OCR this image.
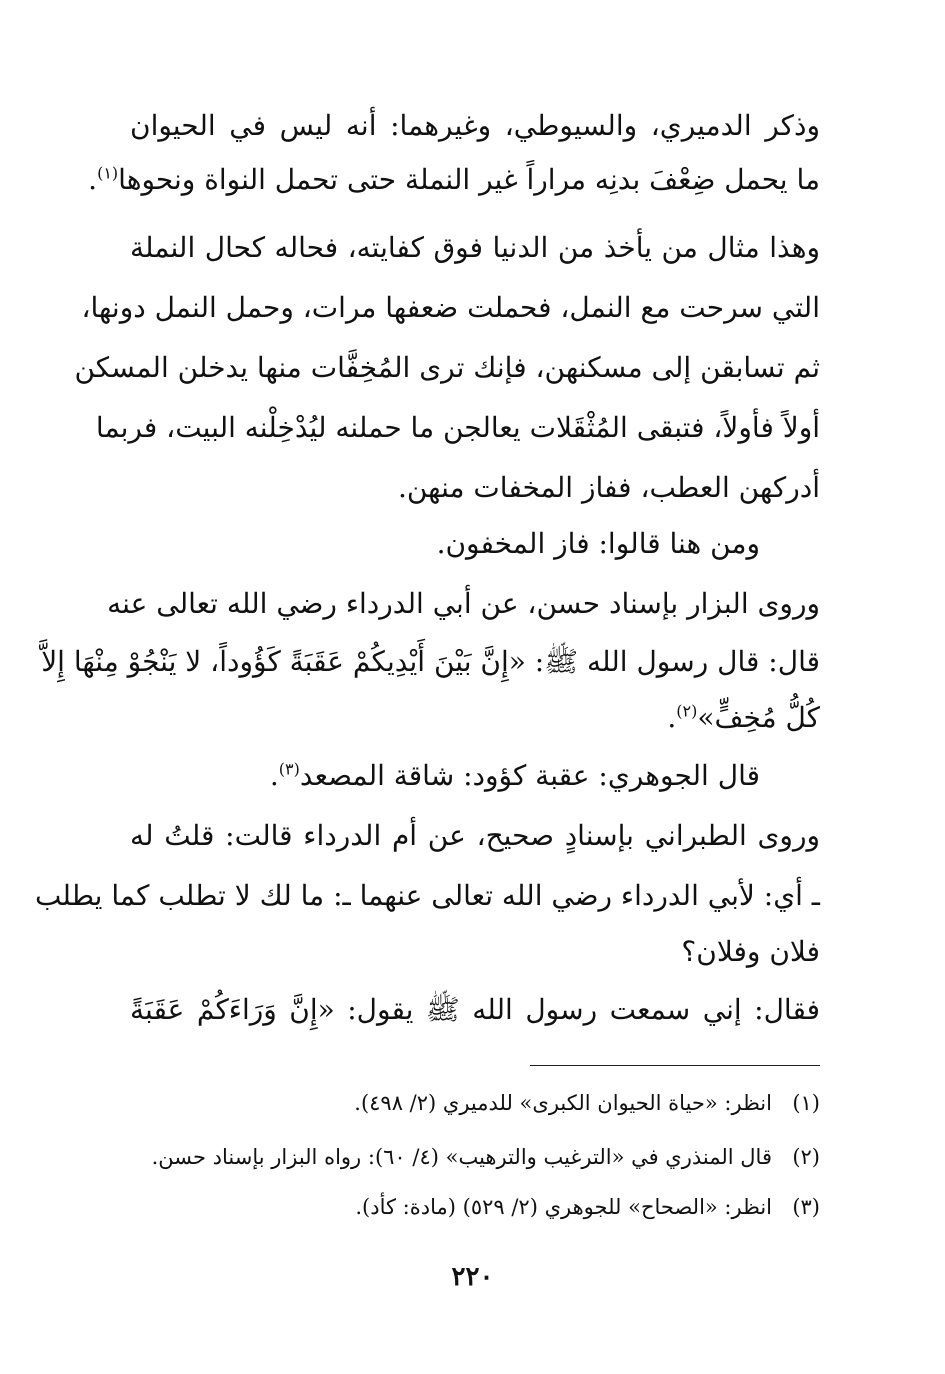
وذكر الدميري، والسيوطي، وغيرهما: أنه ليس في الحيوان
ما يحمل ضِعْفَ بدنِه مراراً غير النملة حتى تحمل النواة ونحوها$^{(١)}$.
وهذا مثال من يأخذ من الدنيا فوق كفايته، فحاله كحال النملة
التي سرحت مع النمل، فحملت ضعفها مرات، وحمل النمل دونها،
ثم تسابقن إلى مسكنهن، فإنك ترى المُخِفَّات منها يدخلن المسكن
أولاً فأولاً، فتبقى المُثْقَلات يعالجن ما حملنه ليُدْخِلْنه البيت، فربما
أدركهن العطب، ففاز المخفات منهن.
ومن هنا قالوا: فاز المخفون.
وروى البزار بإسناد حسن، عن أبي الدرداء رضي الله تعالى عنه
قال: قال رسول الله ﷺ: «إِنَّ بَيْنَ أَيْدِيكُمْ عَقَبَةً كَؤُوداً، لا يَنْجُوْ مِنْهَا إِلاَّ
كُلُّ مُخِفٍّ»$^{(٢)}$.
قال الجوهري: عقبة كؤود: شاقة المصعد$^{(٣)}$.
وروى الطبراني بإسنادٍ صحيح، عن أم الدرداء قالت: قلتُ له
ـ أي: لأبي الدرداء رضي الله تعالى عنهما ـ: ما لك لا تطلب كما يطلب
فلان وفلان؟
فقال: إني سمعت رسول الله ﷺ يقول: «إِنَّ وَرَاءَكُمْ عَقَبَةً
(١)انظر: «حياة الحيوان الكبرى» للدميري (٢/ ٤٩٨).
(٢)قال المنذري في «الترغيب والترهيب» (٤/ ٦٠): رواه البزار بإسناد حسن.
(٣)انظر: «الصحاح» للجوهري (٢/ ٥٢٩) (مادة: كأد).
٢٢٠
